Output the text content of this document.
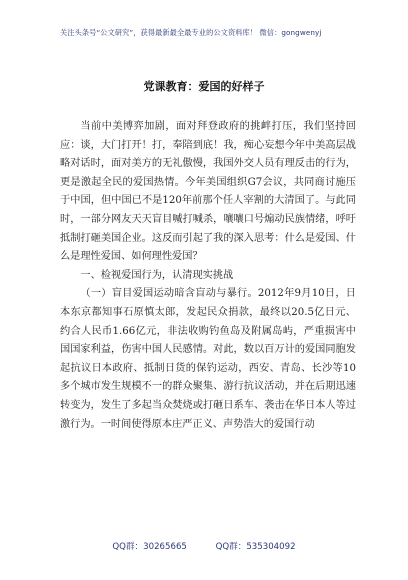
关注头条号“公文研究”，获得最新最全最专业的公文资料库！ 微信：gongwenyj
党课教育：爱国的好样子

当前中美博弈加剧，面对拜登政府的挑衅打压，我们坚持回应：谈，大门打开！打，奉陪到底！我，痴心妄想今年中美高层战略对话时，面对美方的无礼傲慢，我国外交人员有理反击的行为，更是激起全民的爱国热情。今年美国组织G7会议，共同商讨施压于中国，但中国已不是120年前那个任人宰割的大清国了。与此同时，一部分网友天天盲目喊打喊杀，嚷嚷口号煽动民族情绪，呼吁抵制打砸美国企业。这反而引起了我的深入思考：什么是爱国、什么是理性爱国、如何理性爱国？

一、检视爱国行为，认清现实挑战

（一）盲目爱国运动暗含盲动与暴行。2012年9月10日，日本东京都知事石原慎太郎，发起民众捐款，最终以20.5亿日元、约合人民币1.66亿元，非法收购钓鱼岛及附属岛屿，严重损害中国国家利益，伤害中国人民感情。对此，数以百万计的爱国同胞发起抗议日本政府、抵制日货的保钓运动，西安、青岛、长沙等10多个城市发生规模不一的群众聚集、游行抗议活动，并在后期迅速转变为，发生了多起当众焚烧或打砸日系车、袭击在华日本人等过激行为。一时间使得原本庄严正义、声势浩大的爱国行动

QQ群：30265665	QQ群：535304092
